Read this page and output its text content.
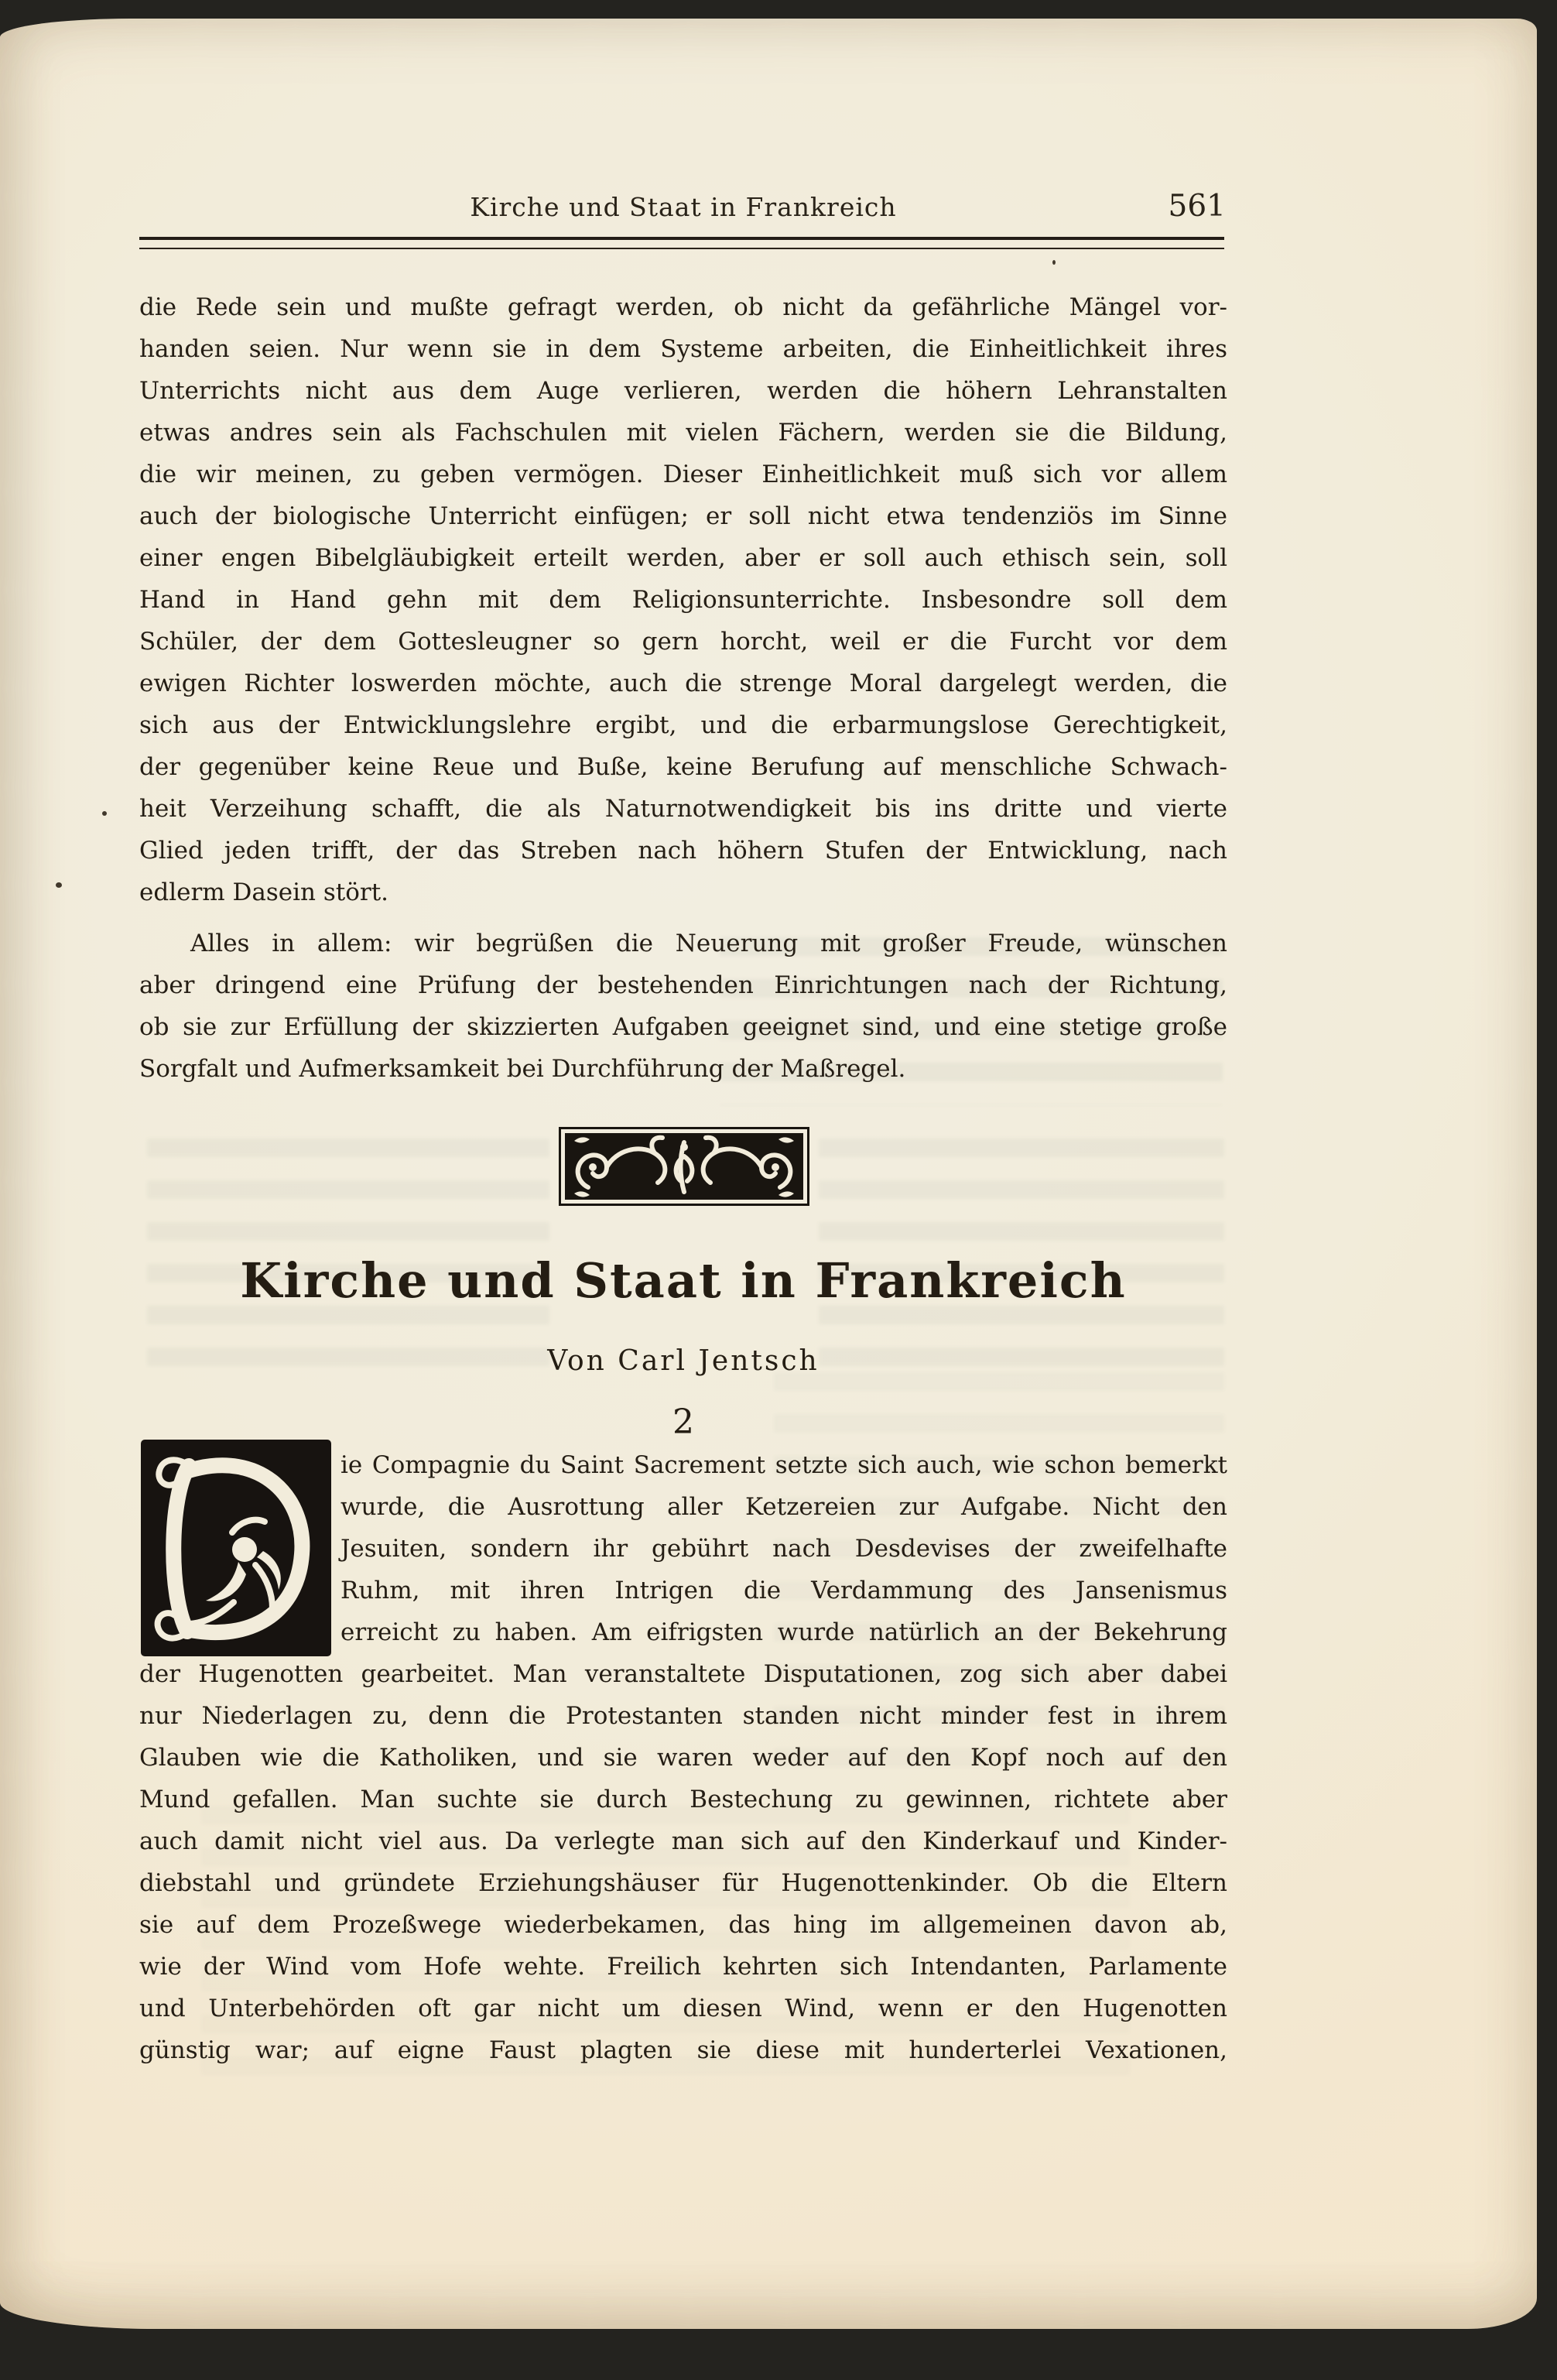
Kirche und Staat in Frankreich	561
die Rede sein und mußte gefragt werden, ob nicht da gefährliche Mängel vor-
handen seien. Nur wenn sie in dem Systeme arbeiten, die Einheitlichkeit ihres
Unterrichts nicht aus dem Auge verlieren, werden die höhern Lehranstalten
etwas andres sein als Fachschulen mit vielen Fächern, werden sie die Bildung,
die wir meinen, zu geben vermögen. Dieser Einheitlichkeit muß sich vor allem
auch der biologische Unterricht einfügen; er soll nicht etwa tendenziös im Sinne
einer engen Bibelgläubigkeit erteilt werden, aber er soll auch ethisch sein, soll
Hand in Hand gehn mit dem Religionsunterrichte. Insbesondre soll dem
Schüler, der dem Gottesleugner so gern horcht, weil er die Furcht vor dem
ewigen Richter loswerden möchte, auch die strenge Moral dargelegt werden, die
sich aus der Entwicklungslehre ergibt, und die erbarmungslose Gerechtigkeit,
der gegenüber keine Reue und Buße, keine Berufung auf menschliche Schwach-
heit Verzeihung schafft, die als Naturnotwendigkeit bis ins dritte und vierte
Glied jeden trifft, der das Streben nach höhern Stufen der Entwicklung, nach
edlerm Dasein stört.
Alles in allem: wir begrüßen die Neuerung mit großer Freude, wünschen
aber dringend eine Prüfung der bestehenden Einrichtungen nach der Richtung,
ob sie zur Erfüllung der skizzierten Aufgaben geeignet sind, und eine stetige große
Sorgfalt und Aufmerksamkeit bei Durchführung der Maßregel.
Kirche und Staat in Frankreich
Von Carl Jentsch
2
ie Compagnie du Saint Sacrement setzte sich auch, wie schon bemerkt
wurde, die Ausrottung aller Ketzereien zur Aufgabe. Nicht den
Jesuiten, sondern ihr gebührt nach Desdevises der zweifelhafte
Ruhm, mit ihren Intrigen die Verdammung des Jansenismus
erreicht zu haben. Am eifrigsten wurde natürlich an der Bekehrung
der Hugenotten gearbeitet. Man veranstaltete Disputationen, zog sich aber dabei
nur Niederlagen zu, denn die Protestanten standen nicht minder fest in ihrem
Glauben wie die Katholiken, und sie waren weder auf den Kopf noch auf den
Mund gefallen. Man suchte sie durch Bestechung zu gewinnen, richtete aber
auch damit nicht viel aus. Da verlegte man sich auf den Kinderkauf und Kinder-
diebstahl und gründete Erziehungshäuser für Hugenottenkinder. Ob die Eltern
sie auf dem Prozeßwege wiederbekamen, das hing im allgemeinen davon ab,
wie der Wind vom Hofe wehte. Freilich kehrten sich Intendanten, Parlamente
und Unterbehörden oft gar nicht um diesen Wind, wenn er den Hugenotten
günstig war; auf eigne Faust plagten sie diese mit hunderterlei Vexationen,
